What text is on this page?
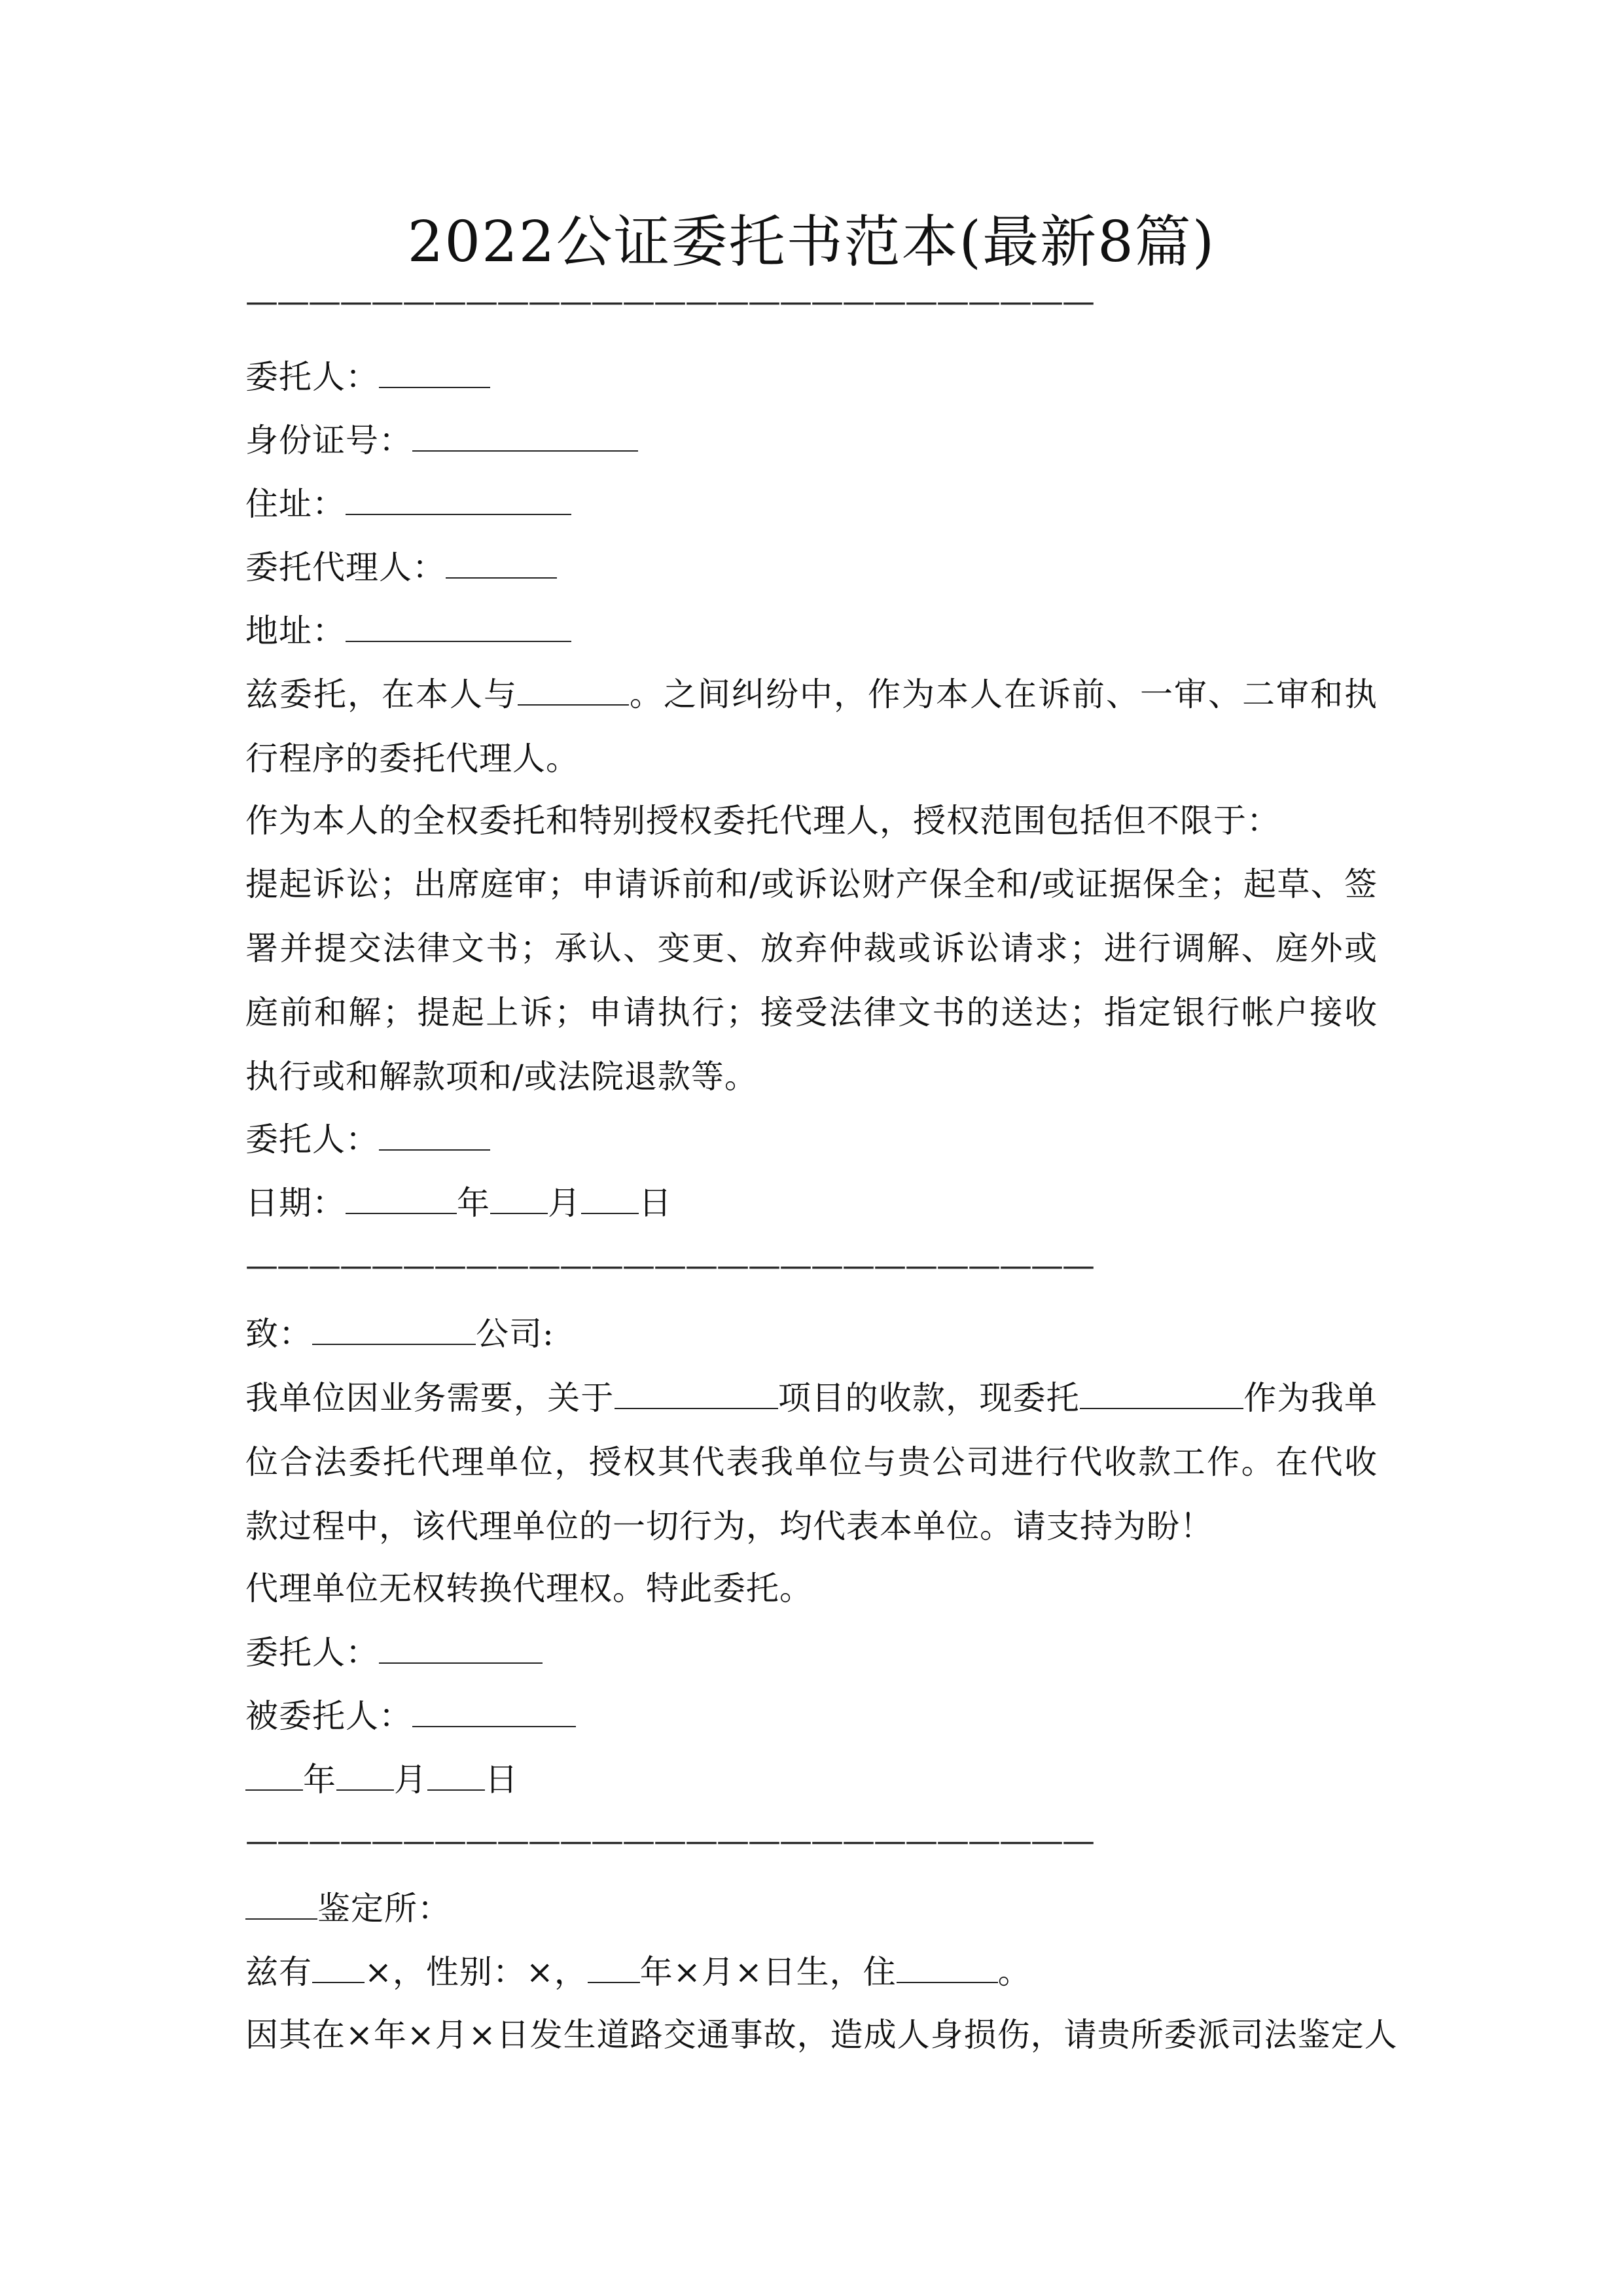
2022公证委托书范本(最新8篇)
———————————————————————————
委托人：
身份证号：
住址：
委托代理人：
地址：
兹委托，在本人与	。之间纠纷中，作为本人在诉前、一审、二审和执行程序的委托代理人。
作为本人的全权委托和特别授权委托代理人，授权范围包括但不限于：
提起诉讼；出席庭审；申请诉前和/或诉讼财产保全和/或证据保全；起草、签署并提交法律文书；承认、变更、放弃仲裁或诉讼请求；进行调解、庭外或庭前和解；提起上诉；申请执行；接受法律文书的送达；指定银行帐户接收执行或和解款项和/或法院退款等。
委托人：
日期：	年 月 日
———————————————————————————
致：	公司:
我单位因业务需要，关于	项目的收款，现委托	作为我单位合法委托代理单位，授权其代表我单位与贵公司进行代收款工作。在代收款过程中，该代理单位的一切行为，均代表本单位。请支持为盼！
代理单位无权转换代理权。特此委托。
委托人：
被委托人：
年 月 日
———————————————————————————
鉴定所：
兹有 ×，性别：×， 年×月×日生，住	。
因其在×年×月×日发生道路交通事故，造成人身损伤，请贵所委派司法鉴定人
